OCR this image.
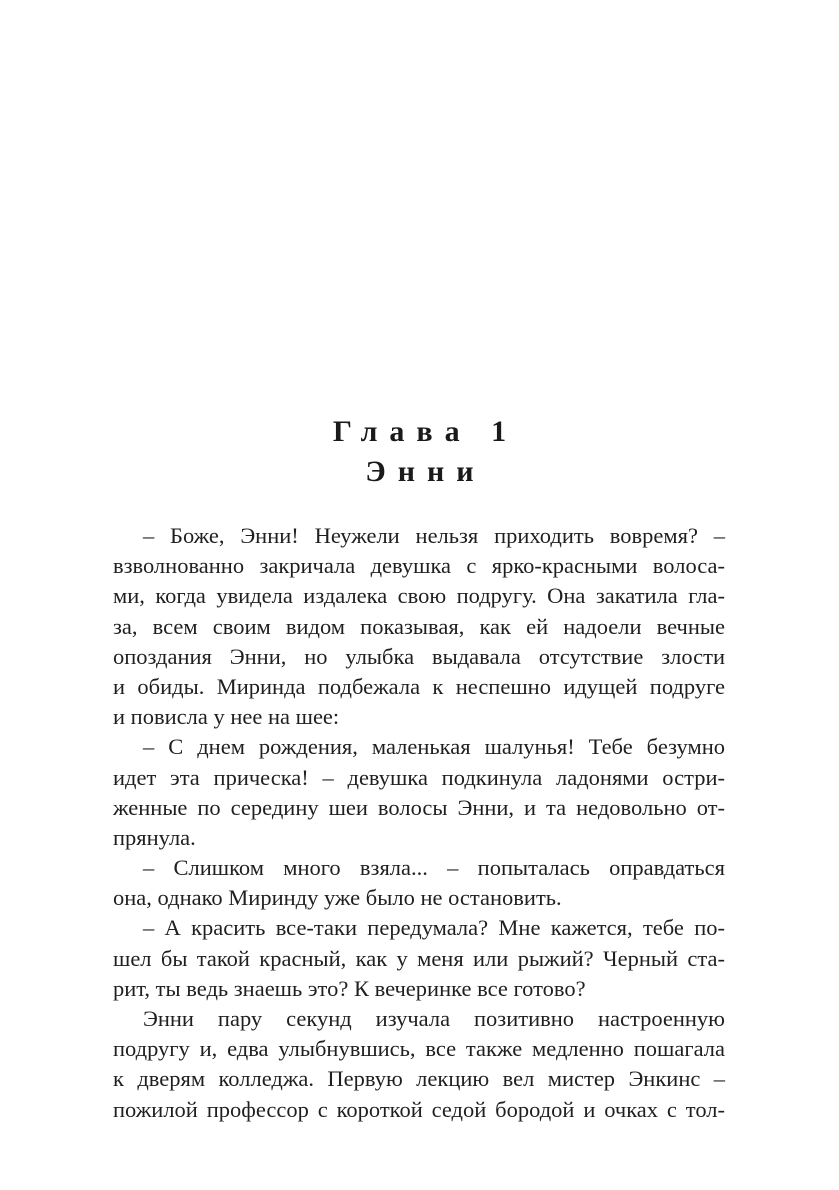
Глава 1
Энни
– Боже, Энни! Неужели нельзя приходить вовремя? –
взволнованно закричала девушка с ярко-красными волоса-
ми, когда увидела издалека свою подругу. Она закатила гла-
за, всем своим видом показывая, как ей надоели вечные
опоздания Энни, но улыбка выдавала отсутствие злости
и обиды. Миринда подбежала к неспешно идущей подруге
и повисла у нее на шее:
– С днем рождения, маленькая шалунья! Тебе безумно
идет эта прическа! – девушка подкинула ладонями остри-
женные по середину шеи волосы Энни, и та недовольно от-
прянула.
– Слишком много взяла... – попыталась оправдаться
она, однако Миринду уже было не остановить.
– А красить все-таки передумала? Мне кажется, тебе по-
шел бы такой красный, как у меня или рыжий? Черный ста-
рит, ты ведь знаешь это? К вечеринке все готово?
Энни пару секунд изучала позитивно настроенную
подругу и, едва улыбнувшись, все также медленно пошагала
к дверям колледжа. Первую лекцию вел мистер Энкинс –
пожилой профессор с короткой седой бородой и очках с тол-
